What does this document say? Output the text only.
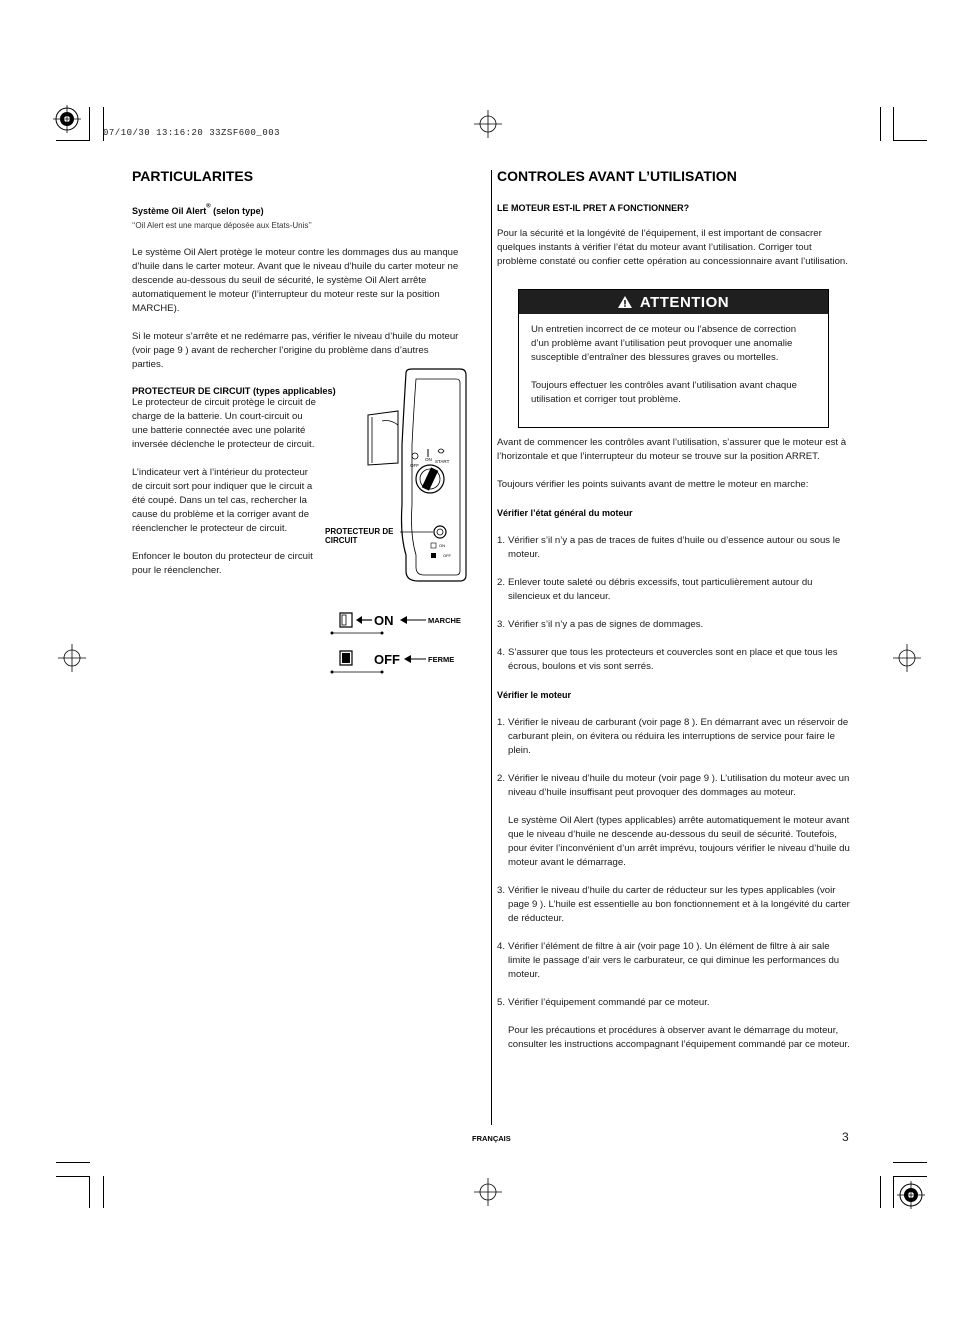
07/10/30 13:16:20 33ZSF600_003
PARTICULARITES
Système Oil Alert® (selon type)
‘‘Oil Alert est une marque déposée aux Etats-Unis’’
Le système Oil Alert protège le moteur contre les dommages dus au manque d’huile dans le carter moteur. Avant que le niveau d’huile du carter moteur ne descende au-dessous du seuil de sécurité, le système Oil Alert arrête automatiquement le moteur (l’interrupteur du moteur reste sur la position MARCHE).
Si le moteur s’arrête et ne redémarre pas, vérifier le niveau d’huile du moteur (voir page 9 ) avant de rechercher l’origine du problème dans d’autres parties.
PROTECTEUR DE CIRCUIT (types applicables)
Le protecteur de circuit protège le circuit de charge de la batterie. Un court-circuit ou une batterie connectée avec une polarité inversée déclenche le protecteur de circuit.
L’indicateur vert à l’intérieur du protecteur de circuit sort pour indiquer que le circuit a été coupé. Dans un tel cas, rechercher la cause du problème et la corriger avant de réenclencher le protecteur de circuit.
Enfoncer le bouton du protecteur de circuit pour le réenclencher.
OFF
ON START
ON
OFF
ON	MARCHE
OFF	FERME
PROTECTEUR DE CIRCUIT
CONTROLES AVANT L’UTILISATION
LE MOTEUR EST-IL PRET A FONCTIONNER?
Pour la sécurité et la longévité de l’équipement, il est important de consacrer quelques instants à vérifier l’état du moteur avant l’utilisation. Corriger tout problème constaté ou confier cette opération au concessionnaire avant l’utilisation.
ATTENTION
Un entretien incorrect de ce moteur ou l’absence de correction d’un problème avant l’utilisation peut provoquer une anomalie susceptible d’entraîner des blessures graves ou mortelles.
Toujours effectuer les contrôles avant l’utilisation avant chaque utilisation et corriger tout problème.
Avant de commencer les contrôles avant l’utilisation, s’assurer que le moteur est à l’horizontale et que l’interrupteur du moteur se trouve sur la position ARRET.
Toujours vérifier les points suivants avant de mettre le moteur en marche:
Vérifier l’état général du moteur
1. Vérifier s’il n’y a pas de traces de fuites d’huile ou d’essence autour ou sous le moteur.
2. Enlever toute saleté ou débris excessifs, tout particulièrement autour du silencieux et du lanceur.
3. Vérifier s’il n’y a pas de signes de dommages.
4. S’assurer que tous les protecteurs et couvercles sont en place et que tous les écrous, boulons et vis sont serrés.
Vérifier le moteur
1. Vérifier le niveau de carburant (voir page 8 ). En démarrant avec un réservoir de carburant plein, on évitera ou réduira les interruptions de service pour faire le plein.
2. Vérifier le niveau d’huile du moteur (voir page 9 ). L’utilisation du moteur avec un niveau d’huile insuffisant peut provoquer des dommages au moteur.
Le système Oil Alert (types applicables) arrête automatiquement le moteur avant que le niveau d’huile ne descende au-dessous du seuil de sécurité. Toutefois, pour éviter l’inconvénient d’un arrêt imprévu, toujours vérifier le niveau d’huile du moteur avant le démarrage.
3. Vérifier le niveau d’huile du carter de réducteur sur les types applicables (voir page 9 ). L’huile est essentielle au bon fonctionnement et à la longévité du carter de réducteur.
4. Vérifier l’élément de filtre à air (voir page 10 ). Un élément de filtre à air sale limite le passage d’air vers le carburateur, ce qui diminue les performances du moteur.
5. Vérifier l’équipement commandé par ce moteur.
Pour les précautions et procédures à observer avant le démarrage du moteur, consulter les instructions accompagnant l’équipement commandé par ce moteur.
FRANÇAIS	3
